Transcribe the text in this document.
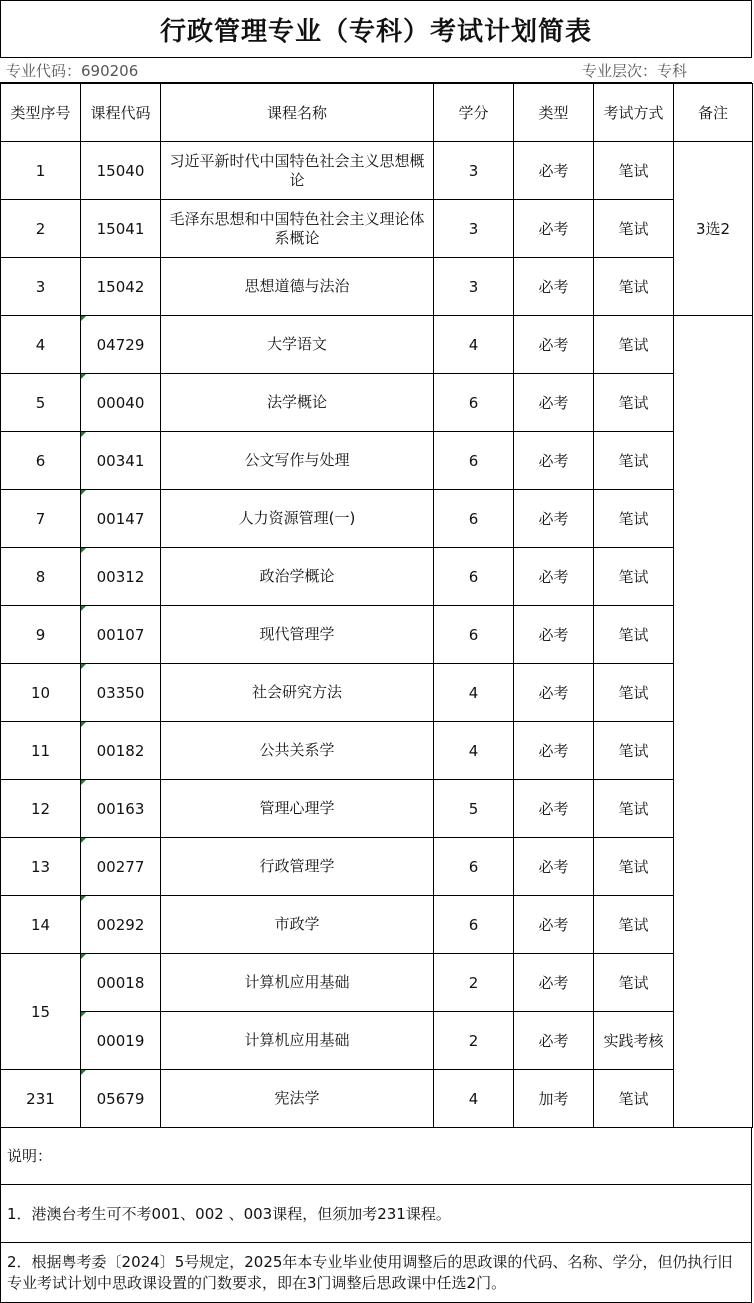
行政管理专业（专科）考试计划简表
专业代码：690206	专业层次：专科
类型序号	课程代码	课程名称	学分	类型	考试方式	备注
1	15040	习近平新时代中国特色社会主义思想概论	3	必考	笔试	3选2
2	15041	毛泽东思想和中国特色社会主义理论体系概论	3	必考	笔试	
3	15042	思想道德与法治	3	必考	笔试	
4	04729	大学语文	4	必考	笔试	
5	00040	法学概论	6	必考	笔试	
6	00341	公文写作与处理	6	必考	笔试	
7	00147	人力资源管理(一)	6	必考	笔试	
8	00312	政治学概论	6	必考	笔试	
9	00107	现代管理学	6	必考	笔试	
10	03350	社会研究方法	4	必考	笔试	
11	00182	公共关系学	4	必考	笔试	
12	00163	管理心理学	5	必考	笔试	
13	00277	行政管理学	6	必考	笔试	
14	00292	市政学	6	必考	笔试	
15	00018	计算机应用基础	2	必考	笔试	

00019	计算机应用基础	2	必考	实践考核	
231	05679	宪法学	4	加考	笔试	
说明：
1．港澳台考生可不考001、002 、003课程，但须加考231课程。
2．根据粤考委〔2024〕5号规定，2025年本专业毕业使用调整后的思政课的代码、名称、学分，但仍执行旧专业考试计划中思政课设置的门数要求，即在3门调整后思政课中任选2门。
